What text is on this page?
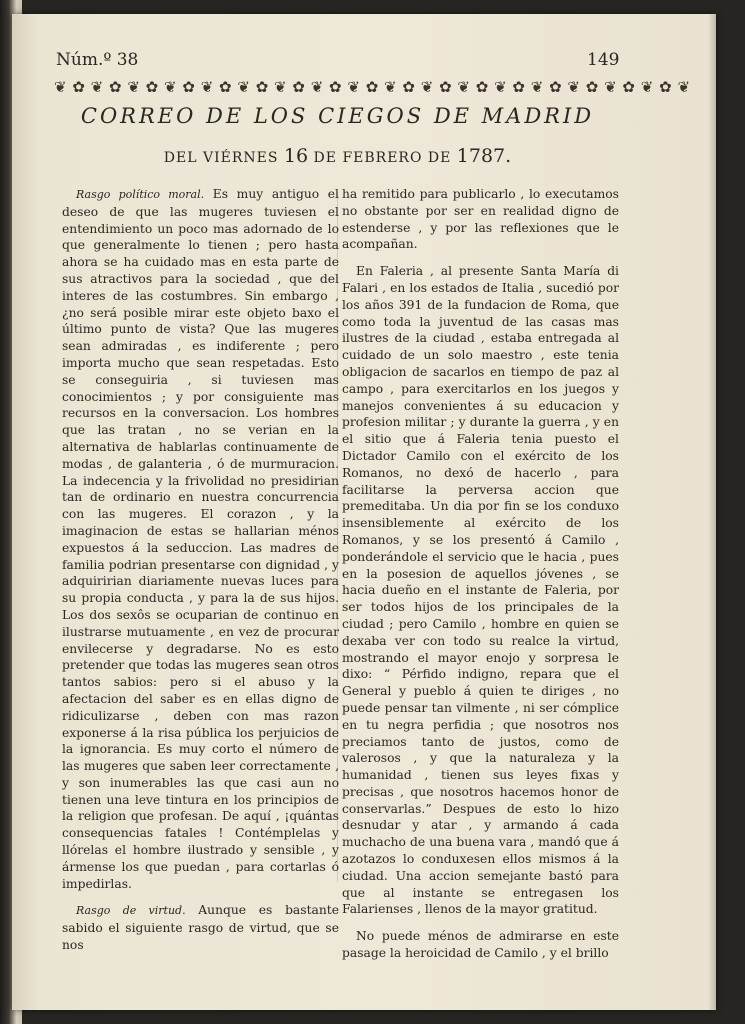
Núm.º 38	149
❦ ✿ ❦ ✿ ❦ ✿ ❦ ✿ ❦ ✿ ❦ ✿ ❦ ✿ ❦ ✿ ❦ ✿ ❦ ✿ ❦ ✿ ❦ ✿ ❦ ✿ ❦ ✿ ❦ ✿ ❦ ✿ ❦ ✿ ❦
CORREO DE LOS CIEGOS DE MADRID
DEL VIÉRNES 16 DE FEBRERO DE 1787.

Rasgo político moral. Es muy antiguo el deseo de que las mugeres tuviesen el entendimiento un poco mas adornado de lo que generalmente lo tienen ; pero hasta ahora se ha cuidado mas en esta parte de sus atractivos para la sociedad , que del interes de las costumbres. Sin embargo , ¿no será posible mirar este objeto baxo el último punto de vista? Que las mugeres sean admiradas , es indiferente ; pero importa mucho que sean respetadas. Esto se conseguiria , si tuviesen mas conocimientos ; y por consiguiente mas recursos en la conversacion. Los hombres que las tratan , no se verian en la alternativa de hablarlas continuamente de modas , de galanteria , ó de murmuracion. La indecencia y la frivolidad no presidirian tan de ordinario en nuestra concurrencia con las mugeres. El corazon , y la imaginacion de estas se hallarian ménos expuestos á la seduccion. Las madres de familia podrian presentarse con dignidad , y adquiririan diariamente nuevas luces para su propia conducta , y para la de sus hijos. Los dos sexôs se ocuparian de continuo en ilustrarse mutuamente , en vez de procurar envilecerse y degradarse. No es esto pretender que todas las mugeres sean otros tantos sabios: pero si el abuso y la afectacion del saber es en ellas digno de ridiculizarse , deben con mas razon exponerse á la risa pública los perjuicios de la ignorancia. Es muy corto el número de las mugeres que saben leer correctamente , y son inumerables las que casi aun no tienen una leve tintura en los principios de la religion que profesan. De aquí , ¡quántas consequencias fatales ! Contémplelas y llórelas el hombre ilustrado y sensible , y ármense los que puedan , para cortarlas ó impedirlas.

Rasgo de virtud. Aunque es bastante sabido el siguiente rasgo de virtud, que se nos

ha remitido para publicarlo , lo executamos no obstante por ser en realidad digno de estenderse , y por las reflexiones que le acompañan.

En Faleria , al presente Santa María di Falari , en los estados de Italia , sucedió por los años 391 de la fundacion de Roma, que como toda la juventud de las casas mas ilustres de la ciudad , estaba entregada al cuidado de un solo maestro , este tenia obligacion de sacarlos en tiempo de paz al campo , para exercitarlos en los juegos y manejos convenientes á su educacion y profesion militar ; y durante la guerra , y en el sitio que á Faleria tenia puesto el Dictador Camilo con el exército de los Romanos, no dexó de hacerlo , para facilitarse la perversa accion que premeditaba. Un dia por fin se los conduxo insensiblemente al exército de los Romanos, y se los presentó á Camilo , ponderándole el servicio que le hacia , pues en la posesion de aquellos jóvenes , se hacia dueño en el instante de Faleria, por ser todos hijos de los principales de la ciudad ; pero Camilo , hombre en quien se dexaba ver con todo su realce la virtud, mostrando el mayor enojo y sorpresa le dixo: “ Pérfido indigno, repara que el General y pueblo á quien te diriges , no puede pensar tan vilmente , ni ser cómplice en tu negra perfidia ; que nosotros nos preciamos tanto de justos, como de valerosos , y que la naturaleza y la humanidad , tienen sus leyes fixas y precisas , que nosotros hacemos honor de conservarlas.” Despues de esto lo hizo desnudar y atar , y armando á cada muchacho de una buena vara , mandó que á azotazos lo conduxesen ellos mismos á la ciudad. Una accion semejante bastó para que al instante se entregasen los Falarienses , llenos de la mayor gratitud.

No puede ménos de admirarse en este pasage la heroicidad de Camilo , y el brillo
